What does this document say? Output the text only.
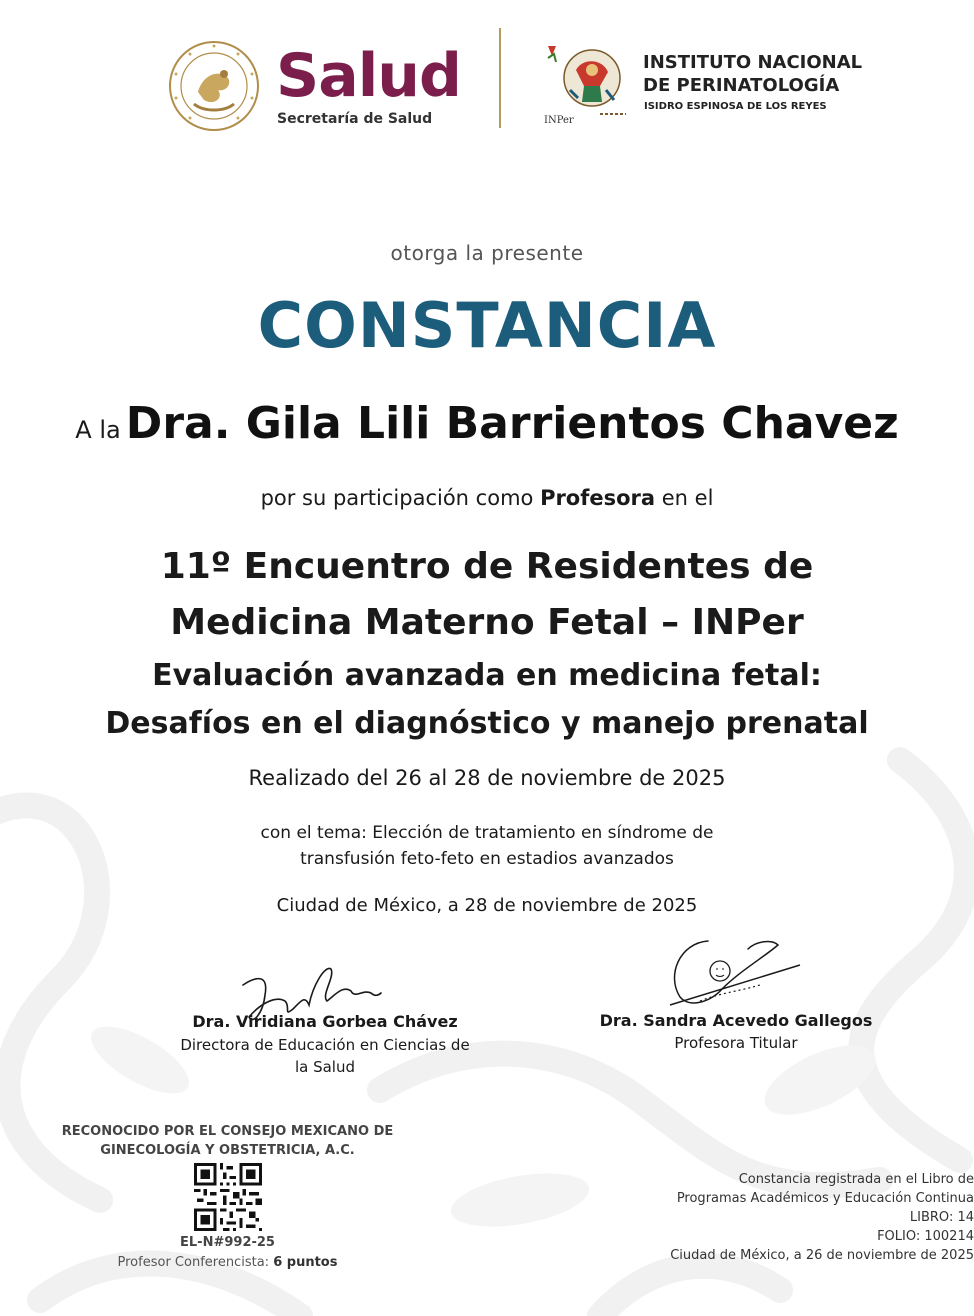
Salud
Secretaría de Salud	INPer
INSTITUTO NACIONAL
DE PERINATOLOGÍA
ISIDRO ESPINOSA DE LOS REYES
otorga la presente
CONSTANCIA
A la Dra. Gila Lili Barrientos Chavez
por su participación como Profesora en el
11º Encuentro de Residentes de
Medicina Materno Fetal – INPer
Evaluación avanzada en medicina fetal:
Desafíos en el diagnóstico y manejo prenatal
Realizado del 26 al 28 de noviembre de 2025
con el tema: Elección de tratamiento en síndrome de
transfusión feto-feto en estadios avanzados
Ciudad de México, a 28 de noviembre de 2025
Dra. Viridiana Gorbea Chávez
Directora de Educación en Ciencias de
la Salud
Dra. Sandra Acevedo Gallegos
Profesora Titular
RECONOCIDO POR EL CONSEJO MEXICANO DE
GINECOLOGÍA Y OBSTETRICIA, A.C.
EL-N#992-25
Profesor Conferencista: 6 puntos
Constancia registrada en el Libro de
Programas Académicos y Educación Continua
LIBRO: 14
FOLIO: 100214
Ciudad de México, a 26 de noviembre de 2025
